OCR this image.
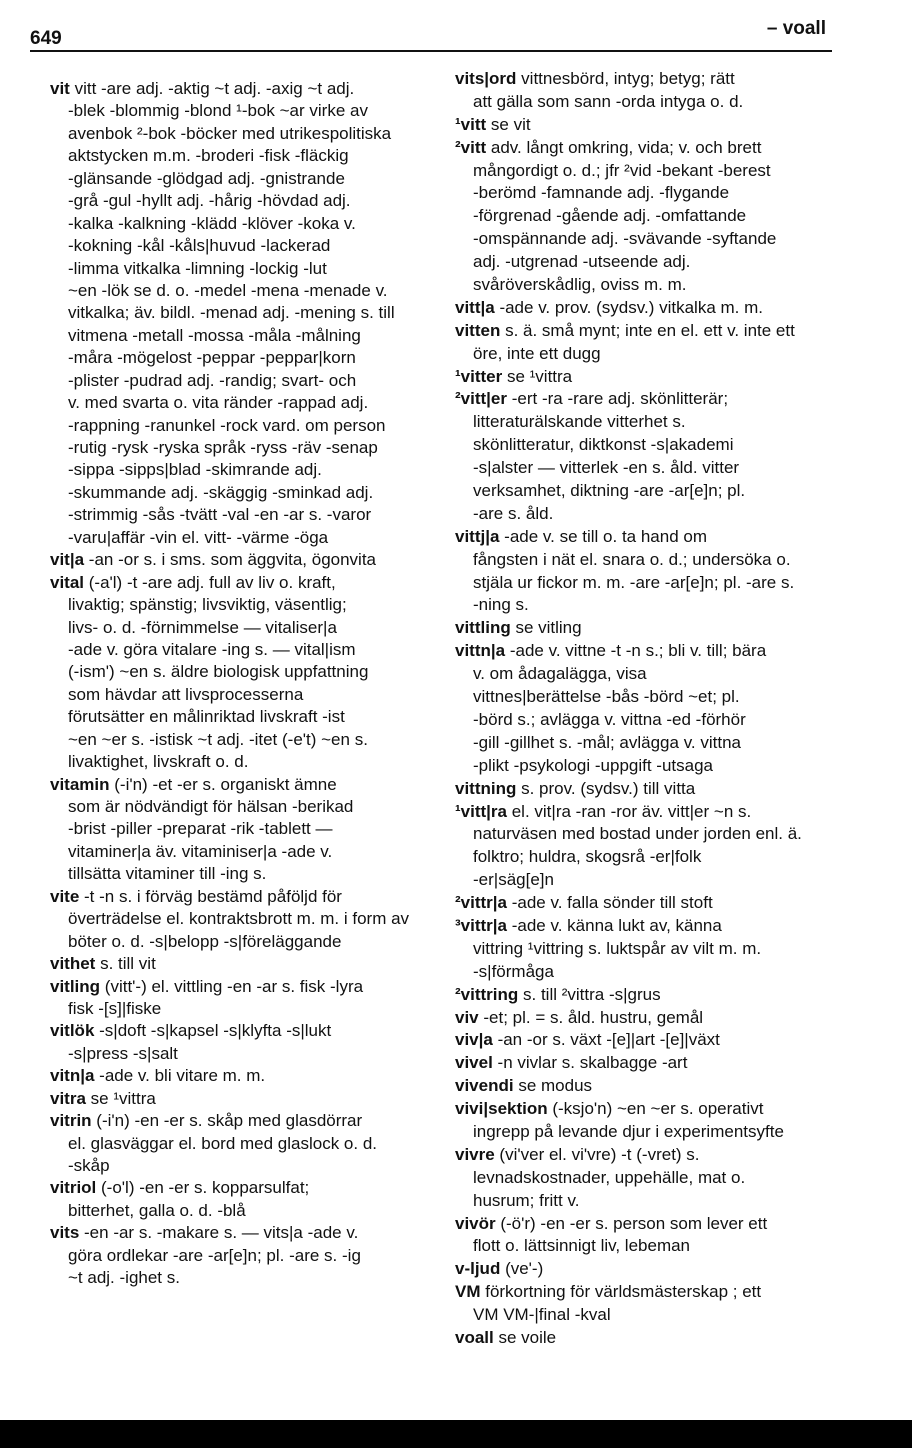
649	– voall
vit vitt -are adj. -aktig ~t adj. -axig ~t adj.
-blek -blommig -blond ¹-bok ~ar virke av
avenbok ²-bok -böcker med utrikespolitiska
aktstycken m.m. -broderi -fisk -fläckig
-glänsande -glödgad adj. -gnistrande
-grå -gul -hyllt adj. -hårig -hövdad adj.
-kalka -kalkning -klädd -klöver -koka v.
-kokning -kål -kåls|huvud -lackerad
-limma vitkalka -limning -lockig -lut
~en -lök se d. o. -medel -mena -menade v.
vitkalka; äv. bildl. -menad adj. -mening s. till
vitmena -metall -mossa -måla -målning
-måra -mögelost -peppar -peppar|korn
-plister -pudrad adj. -randig; svart- och
v. med svarta o. vita ränder -rappad adj.
-rappning -ranunkel -rock vard. om person
-rutig -rysk -ryska språk -ryss -räv -senap
-sippa -sipps|blad -skimrande adj.
-skummande adj. -skäggig -sminkad adj.
-strimmig -sås -tvätt -val -en -ar s. -varor
-varu|affär -vin el. vitt- -värme -öga
vit|a -an -or s. i sms. som äggvita, ögonvita
vital (-a'l) -t -are adj. full av liv o. kraft,
livaktig; spänstig; livsviktig, väsentlig;
livs- o. d. -förnimmelse — vitaliser|a
-ade v. göra vitalare -ing s. — vital|ism
(-ism') ~en s. äldre biologisk uppfattning
som hävdar att livsprocesserna
förutsätter en målinriktad livskraft -ist
~en ~er s. -istisk ~t adj. -itet (-e't) ~en s.
livaktighet, livskraft o. d.
vitamin (-i'n) -et -er s. organiskt ämne
som är nödvändigt för hälsan -berikad
-brist -piller -preparat -rik -tablett —
vitaminer|a äv. vitaminiser|a -ade v.
tillsätta vitaminer till -ing s.
vite -t -n s. i förväg bestämd påföljd för
överträdelse el. kontraktsbrott m. m. i form av
böter o. d. -s|belopp -s|föreläggande
vithet s. till vit
vitling (vitt'-) el. vittling -en -ar s. fisk -lyra
fisk -[s]|fiske
vitlök -s|doft -s|kapsel -s|klyfta -s|lukt
-s|press -s|salt
vitn|a -ade v. bli vitare m. m.
vitra se ¹vittra
vitrin (-i'n) -en -er s. skåp med glasdörrar
el. glasväggar el. bord med glaslock o. d.
-skåp
vitriol (-o'l) -en -er s. kopparsulfat;
bitterhet, galla o. d. -blå
vits -en -ar s. -makare s. — vits|a -ade v.
göra ordlekar -are -ar[e]n; pl. -are s. -ig
~t adj. -ighet s.
vits|ord vittnesbörd, intyg; betyg; rätt
att gälla som sann -orda intyga o. d.
¹vitt se vit
²vitt adv. långt omkring, vida; v. och brett
mångordigt o. d.; jfr ²vid -bekant -berest
-berömd -famnande adj. -flygande
-förgrenad -gående adj. -omfattande
-omspännande adj. -svävande -syftande
adj. -utgrenad -utseende adj.
svåröverskådlig, oviss m. m.
vitt|a -ade v. prov. (sydsv.) vitkalka m. m.
vitten s. ä. små mynt; inte en el. ett v. inte ett
öre, inte ett dugg
¹vitter se ¹vittra
²vitt|er -ert -ra -rare adj. skönlitterär;
litteraturälskande vitterhet s.
skönlitteratur, diktkonst -s|akademi
-s|alster — vitterlek -en s. åld. vitter
verksamhet, diktning -are -ar[e]n; pl.
-are s. åld.
vittj|a -ade v. se till o. ta hand om
fångsten i nät el. snara o. d.; undersöka o.
stjäla ur fickor m. m. -are -ar[e]n; pl. -are s.
-ning s.
vittling se vitling
vittn|a -ade v. vittne -t -n s.; bli v. till; bära
v. om ådagalägga, visa
vittnes|berättelse -bås -börd ~et; pl.
-börd s.; avlägga v. vittna -ed -förhör
-gill -gillhet s. -mål; avlägga v. vittna
-plikt -psykologi -uppgift -utsaga
vittning s. prov. (sydsv.) till vitta
¹vitt|ra el. vit|ra -ran -ror äv. vitt|er ~n s.
naturväsen med bostad under jorden enl. ä.
folktro; huldra, skogsrå -er|folk
-er|säg[e]n
²vittr|a -ade v. falla sönder till stoft
³vittr|a -ade v. känna lukt av, känna
vittring ¹vittring s. luktspår av vilt m. m.
-s|förmåga
²vittring s. till ²vittra -s|grus
viv -et; pl. = s. åld. hustru, gemål
viv|a -an -or s. växt -[e]|art -[e]|växt
vivel -n vivlar s. skalbagge -art
vivendi se modus
vivi|sektion (-ksjo'n) ~en ~er s. operativt
ingrepp på levande djur i experimentsyfte
vivre (vi'ver el. vi'vre) -t (-vret) s.
levnadskostnader, uppehälle, mat o.
husrum; fritt v.
vivör (-ö'r) -en -er s. person som lever ett
flott o. lättsinnigt liv, lebeman
v-ljud (ve'-)
VM förkortning för världsmästerskap ; ett
VM VM-|final -kval
voall se voile
